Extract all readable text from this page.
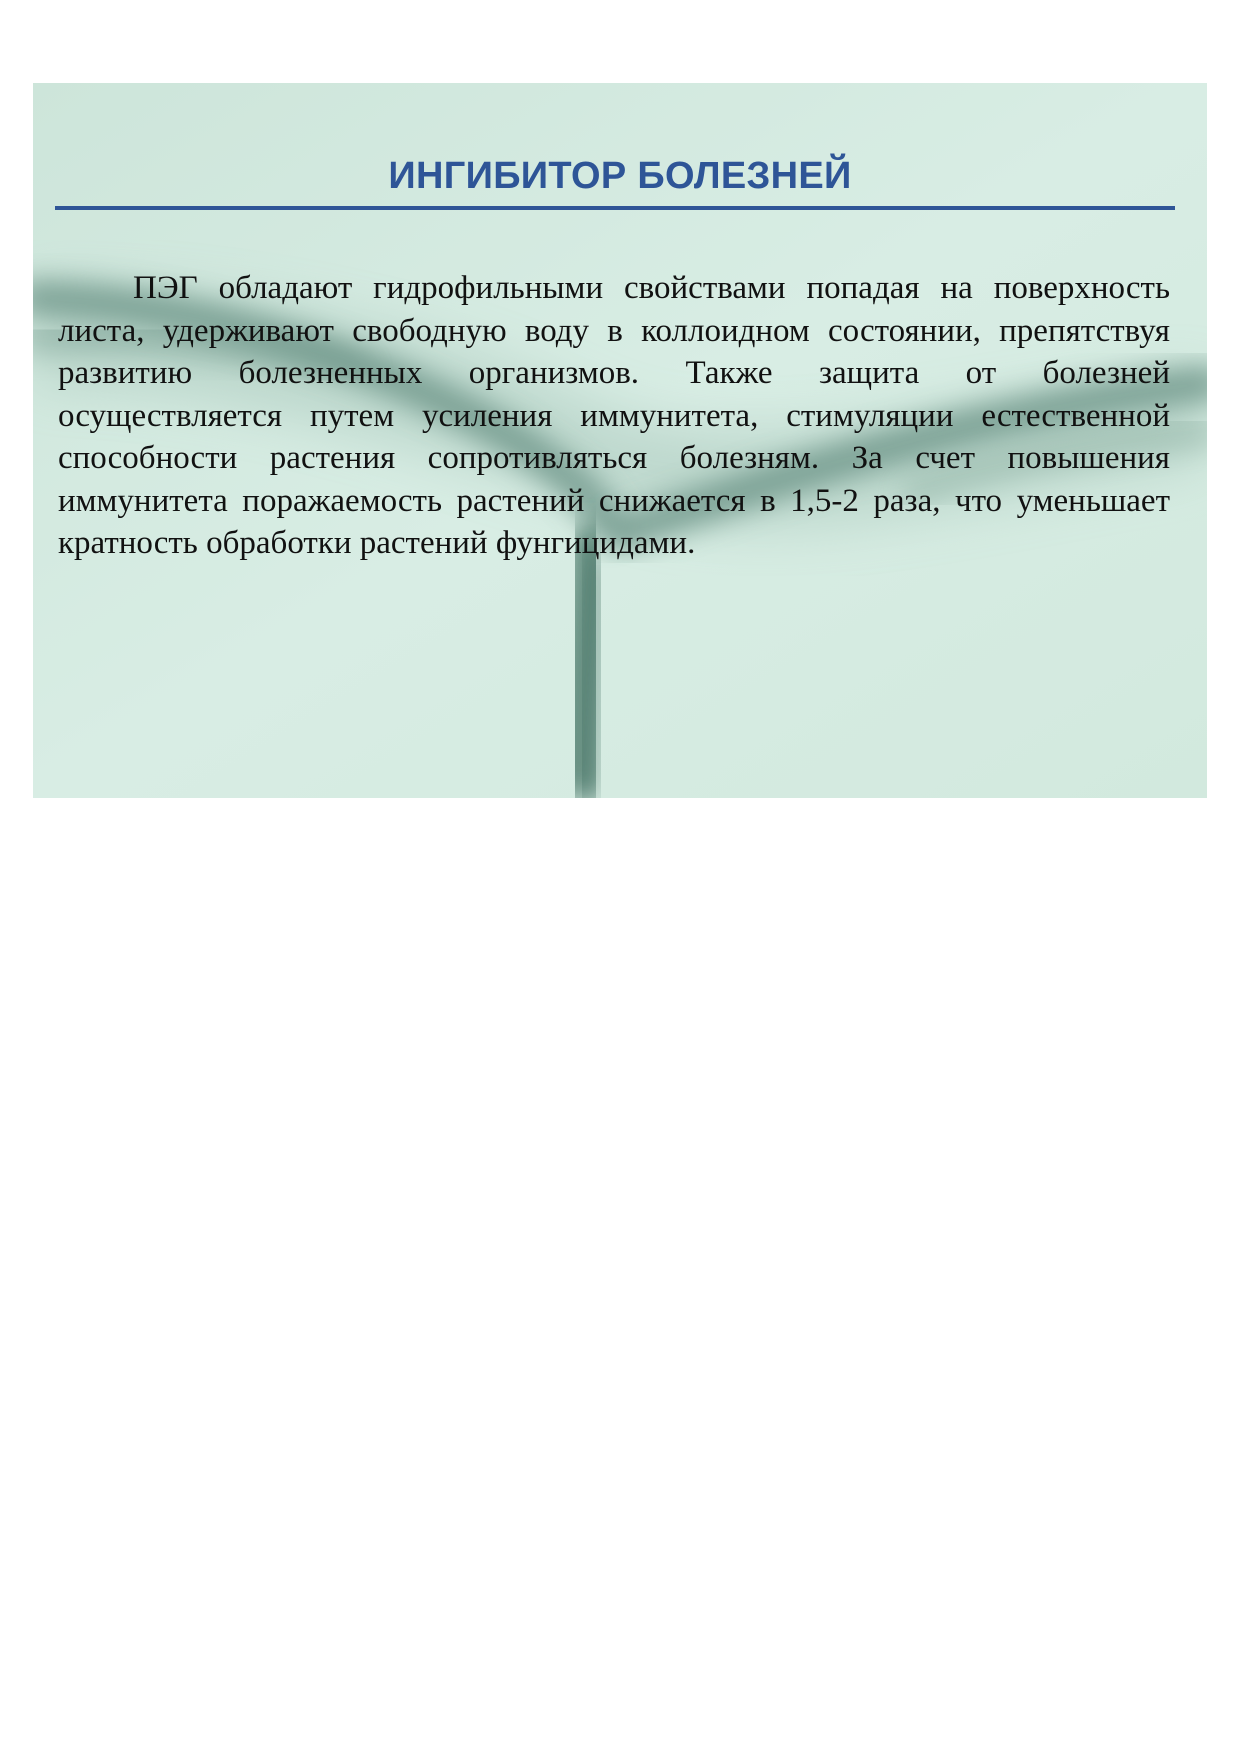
ИНГИБИТОР БОЛЕЗНЕЙ

ПЭГ обладают гидрофильными свойствами попадая на поверхность листа, удерживают свободную воду в коллоидном состоянии, препятствуя развитию болезненных организмов. Также защита от болезней осуществляется путем усиления иммунитета, стимуляции естественной способности растения сопротивляться болезням. За счет повышения иммунитета поражаемость растений снижается в 1,5-2 раза, что уменьшает кратность обработки растений фунгицидами.
